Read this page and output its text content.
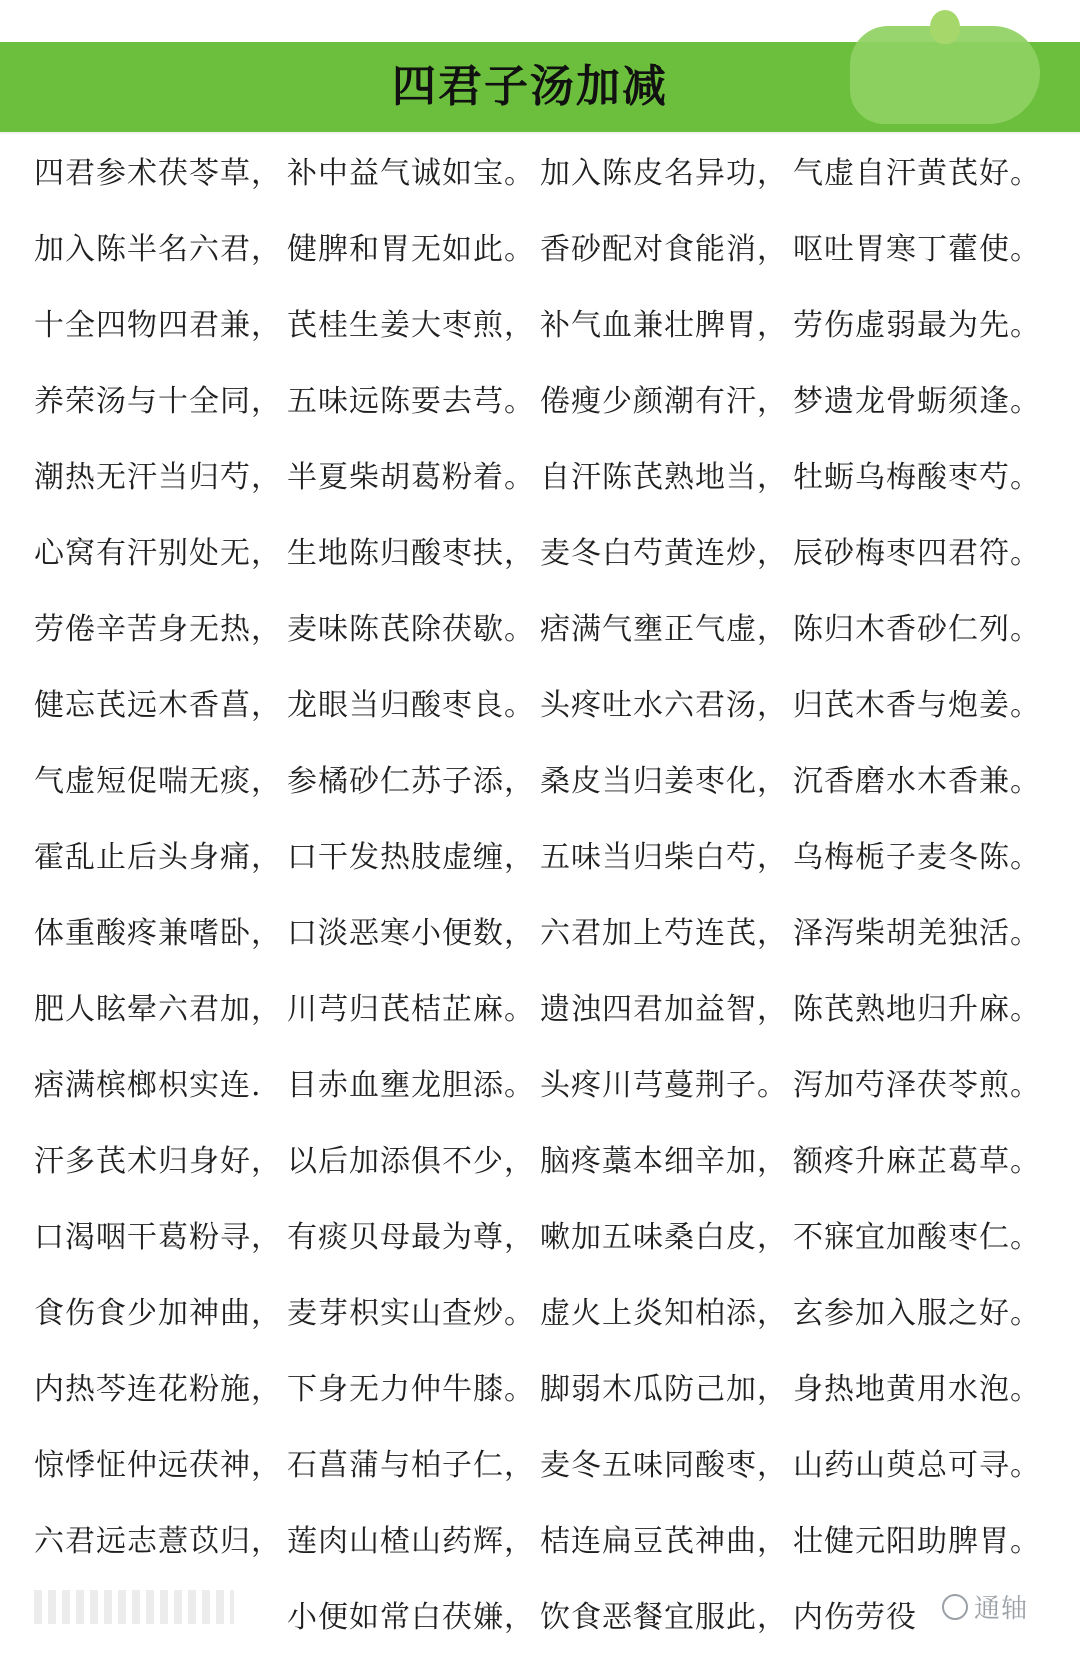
四君子汤加减
四君参术茯苓草， 补中益气诚如宝。 加入陈皮名异功， 气虚自汗黄芪好。
加入陈半名六君， 健脾和胃无如此。 香砂配对食能消， 呕吐胃寒丁藿使。
十全四物四君兼， 芪桂生姜大枣煎， 补气血兼壮脾胃， 劳伤虚弱最为先。
养荣汤与十全同， 五味远陈要去芎。 倦瘦少颜潮有汗， 梦遗龙骨蛎须逢。
潮热无汗当归芍， 半夏柴胡葛粉着。 自汗陈芪熟地当， 牡蛎乌梅酸枣芍。
心窝有汗别处无， 生地陈归酸枣扶， 麦冬白芍黄连炒， 辰砂梅枣四君符。
劳倦辛苦身无热， 麦味陈芪除茯歇。 痞满气壅正气虚， 陈归木香砂仁列。
健忘芪远木香菖， 龙眼当归酸枣良。 头疼吐水六君汤， 归芪木香与炮姜。
气虚短促喘无痰， 参橘砂仁苏子添， 桑皮当归姜枣化， 沉香磨水木香兼。
霍乱止后头身痛， 口干发热肢虚缠， 五味当归柴白芍， 乌梅栀子麦冬陈。
体重酸疼兼嗜卧， 口淡恶寒小便数， 六君加上芍连芪， 泽泻柴胡羌独活。
肥人眩晕六君加， 川芎归芪桔芷麻。 遗浊四君加益智， 陈芪熟地归升麻。
痞满槟榔枳实连. 目赤血壅龙胆添。 头疼川芎蔓荆子。 泻加芍泽茯苓煎。
汗多芪术归身好， 以后加添俱不少， 脑疼藁本细辛加， 额疼升麻芷葛草。
口渴咽干葛粉寻， 有痰贝母最为尊， 嗽加五味桑白皮， 不寐宜加酸枣仁。
食伤食少加神曲， 麦芽枳实山查炒。 虚火上炎知柏添， 玄参加入服之好。
内热芩连花粉施， 下身无力仲牛膝。 脚弱木瓜防己加， 身热地黄用水泡。
惊悸怔仲远茯神， 石菖蒲与柏子仁， 麦冬五味同酸枣， 山药山萸总可寻。
六君远志薏苡归， 莲肉山楂山药辉， 桔连扁豆芪神曲， 壮健元阳助脾胃。
小便如常白茯嫌， 饮食恶餐宜服此， 内伤劳役	通轴
